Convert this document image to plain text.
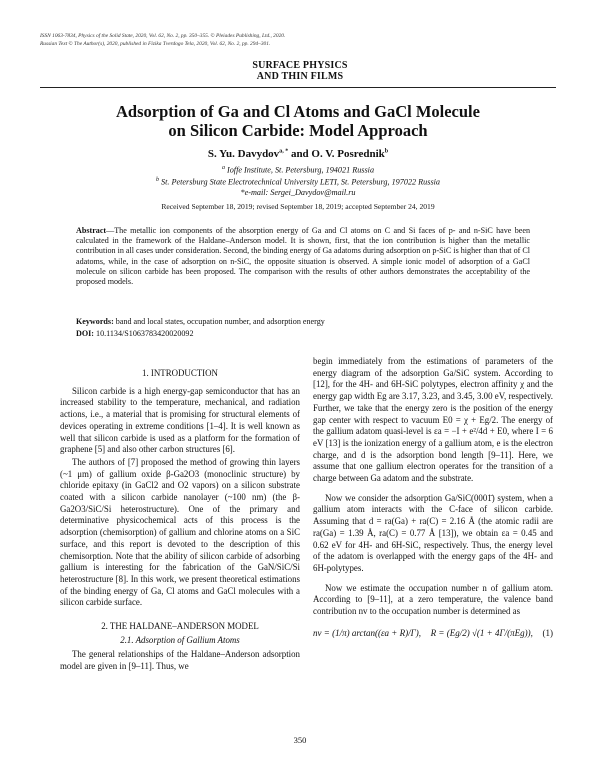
ISSN 1063-7834, Physics of the Solid State, 2020, Vol. 62, No. 2, pp. 350–355. © Pleiades Publishing, Ltd., 2020.
Russian Text © The Author(s), 2020, published in Fizika Tverdogo Tela, 2020, Vol. 62, No. 2, pp. 294–301.
SURFACE PHYSICS
AND THIN FILMS
Adsorption of Ga and Cl Atoms and GaCl Molecule
on Silicon Carbide: Model Approach
S. Yu. Davydov$^{a, *}$ and O. V. Posrednik$^b$
$^a$ Ioffe Institute, St. Petersburg, 194021 Russia
$^b$ St. Petersburg State Electrotechnical University LETI, St. Petersburg, 197022 Russia
*e-mail: Sergei_Davydov@mail.ru
Received September 18, 2019; revised September 18, 2019; accepted September 24, 2019
Abstract—The metallic ion components of the absorption energy of Ga and Cl atoms on C and Si faces of p- and n-SiC have been calculated in the framework of the Haldane–Anderson model. It is shown, first, that the ion contribution is higher than the metallic contribution in all cases under consideration. Second, the binding energy of Ga adatoms during adsorption on p-SiC is higher than that of Cl adatoms, while, in the case of adsorption on n-SiC, the opposite situation is observed. A simple ionic model of adsorption of a GaCl molecule on silicon carbide has been proposed. The comparison with the results of other authors demonstrates the acceptability of the proposed models.
Keywords: band and local states, occupation number, and adsorption energy
DOI: 10.1134/S1063783420020092
1. INTRODUCTION

Silicon carbide is a high energy-gap semiconductor that has an increased stability to the temperature, mechanical, and radiation actions, i.e., a material that is promising for structural elements of devices operating in extreme conditions [1–4]. It is well known as well that silicon carbide is used as a platform for the formation of graphene [5] and also other carbon structures [6].

The authors of [7] proposed the method of growing thin layers (~1 μm) of gallium oxide β-Ga2O3 (monoclinic structure) by chloride epitaxy (in GaCl2 and O2 vapors) on a silicon substrate coated with a silicon carbide nanolayer (~100 nm) (the β-Ga2O3/SiC/Si heterostructure). One of the primary and determinative physicochemical acts of this process is the adsorption (chemisorption) of gallium and chlorine atoms on a SiC surface, and this report is devoted to the description of this chemisorption. Note that the ability of silicon carbide of adsorbing gallium is interesting for the fabrication of the GaN/SiC/Si heterostructure [8]. In this work, we present theoretical estimations of the binding energy of Ga, Cl atoms and GaCl molecules with a silicon carbide surface.

2. THE HALDANE–ANDERSON MODEL
2.1. Adsorption of Gallium Atoms

The general relationships of the Haldane–Anderson adsorption model are given in [9–11]. Thus, we

begin immediately from the estimations of parameters of the energy diagram of the adsorption Ga/SiC system. According to [12], for the 4H- and 6H-SiC polytypes, electron affinity χ and the energy gap width Eg are 3.17, 3.23, and 3.45, 3.00 eV, respectively. Further, we take that the energy zero is the position of the energy gap center with respect to vacuum E0 = χ + Eg/2. The energy of the gallium adatom quasi-level is εa = −I + e²/4d + E0, where I = 6 eV [13] is the ionization energy of a gallium atom, e is the electron charge, and d is the adsorption bond length [9–11]. Here, we assume that one gallium electron operates for the transition of a charge between Ga adatom and the substrate.

Now we consider the adsorption Ga/SiC(0001̄) system, when a gallium atom interacts with the C-face of silicon carbide. Assuming that d = ra(Ga) + ra(C) = 2.16 Å (the atomic radii are ra(Ga) = 1.39 Å, ra(C) = 0.77 Å [13]), we obtain εa = 0.45 and 0.62 eV for 4H- and 6H-SiC, respectively. Thus, the energy level of the adatom is overlapped with the energy gaps of the 4H- and 6H-polytypes.

Now we estimate the occupation number n of gallium atom. According to [9–11], at a zero temperature, the valence band contribution nv to the occupation number is determined as

nv = (1/π) arctan((εa + R)/Γ), R = (Eg/2) √(1 + 4Γ/(πEg)), (1)
350
